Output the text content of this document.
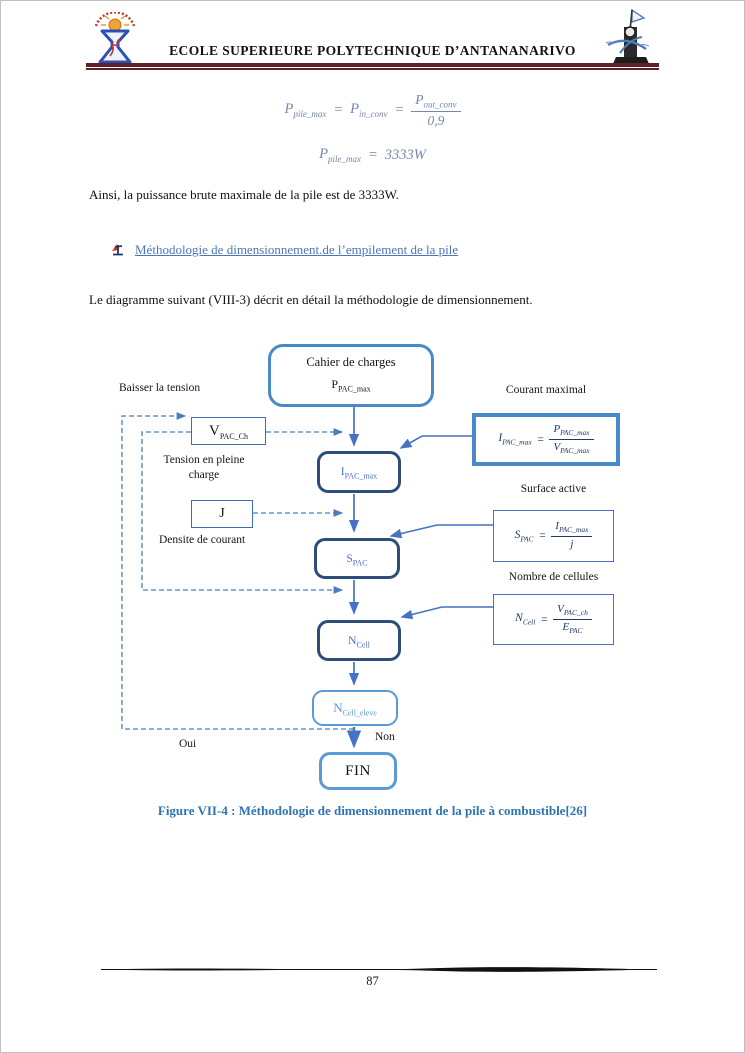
ECOLE SUPERIEURE POLYTECHNIQUE D’ANTANANARIVO
$P_{pile\_max} = P_{in\_conv} = \frac{P_{out\_conv}}{0,9}$
$P_{pile\_max} = 3333W$
Ainsi, la puissance brute maximale de la pile est de 3333W.
Méthodologie de dimensionnement.de l’empilement de la pile
Le diagramme suivant (VIII-3) décrit en détail la méthodologie de dimensionnement.
Cahier de charges
$P_{PAC\_max}$
$V_{PAC\_Ch}$
$I_{PAC\_max}$
J
$S_{PAC}$
$N_{Cell}$
$N_{Cell\_eleve}$
FIN
Baisser la tension	Courant maximal
Tension en pleine charge
Surface active
Densite de courant
Nombre de cellules
Oui
Non
$I_{PAC\_max} = \frac{P_{PAC\_max}}{V_{PAC\_max}}$
$S_{PAC} = \frac{I_{PAC\_max}}{j}$
$N_{Cell} = \frac{V_{PAC\_ch}}{E_{PAC}}$
Figure VII-4 : Méthodologie de dimensionnement de la pile à combustible[26]
87
